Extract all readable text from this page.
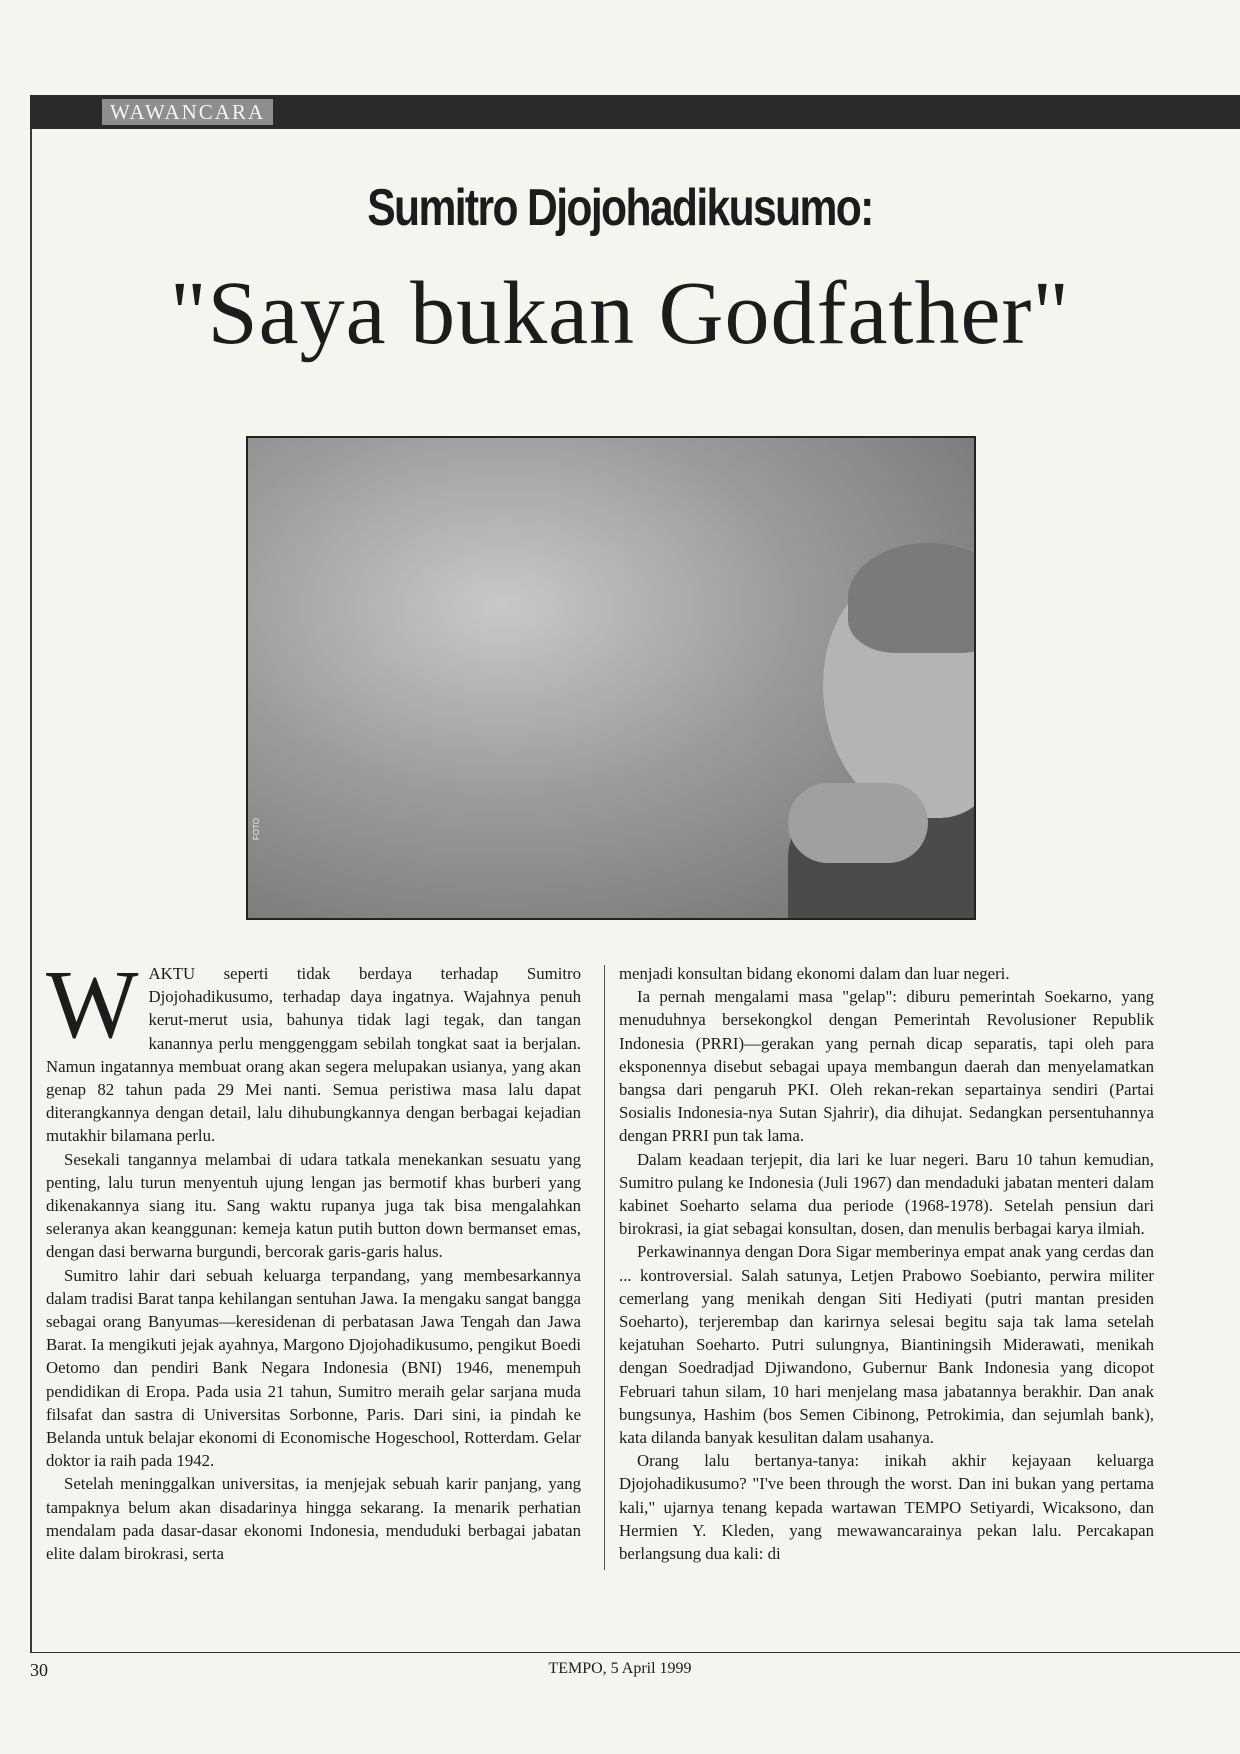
WAWANCARA
Sumitro Djojohadikusumo:
"Saya bukan Godfather"
FOTO

WAKTU seperti tidak berdaya terhadap Sumitro Djojohadikusumo, terhadap daya ingatnya. Wajahnya penuh kerut-merut usia, bahunya tidak lagi tegak, dan tangan kanannya perlu menggenggam sebilah tongkat saat ia berjalan. Namun ingatannya membuat orang akan segera melupakan usianya, yang akan genap 82 tahun pada 29 Mei nanti. Semua peristiwa masa lalu dapat diterangkannya dengan detail, lalu dihubungkannya dengan berbagai kejadian mutakhir bilamana perlu.

Sesekali tangannya melambai di udara tatkala menekankan sesuatu yang penting, lalu turun menyentuh ujung lengan jas bermotif khas burberi yang dikenakannya siang itu. Sang waktu rupanya juga tak bisa mengalahkan seleranya akan keanggunan: kemeja katun putih button down bermanset emas, dengan dasi berwarna burgundi, bercorak garis-garis halus.

Sumitro lahir dari sebuah keluarga terpandang, yang membesarkannya dalam tradisi Barat tanpa kehilangan sentuhan Jawa. Ia mengaku sangat bangga sebagai orang Banyumas—keresidenan di perbatasan Jawa Tengah dan Jawa Barat. Ia mengikuti jejak ayahnya, Margono Djojohadikusumo, pengikut Boedi Oetomo dan pendiri Bank Negara Indonesia (BNI) 1946, menempuh pendidikan di Eropa. Pada usia 21 tahun, Sumitro meraih gelar sarjana muda filsafat dan sastra di Universitas Sorbonne, Paris. Dari sini, ia pindah ke Belanda untuk belajar ekonomi di Economische Hogeschool, Rotterdam. Gelar doktor ia raih pada 1942.

Setelah meninggalkan universitas, ia menjejak sebuah karir panjang, yang tampaknya belum akan disadarinya hingga sekarang. Ia menarik perhatian mendalam pada dasar-dasar ekonomi Indonesia, menduduki berbagai jabatan elite dalam birokrasi, serta

menjadi konsultan bidang ekonomi dalam dan luar negeri.

Ia pernah mengalami masa "gelap": diburu pemerintah Soekarno, yang menuduhnya bersekongkol dengan Pemerintah Revolusioner Republik Indonesia (PRRI)—gerakan yang pernah dicap separatis, tapi oleh para eksponennya disebut sebagai upaya membangun daerah dan menyelamatkan bangsa dari pengaruh PKI. Oleh rekan-rekan separtainya sendiri (Partai Sosialis Indonesia-nya Sutan Sjahrir), dia dihujat. Sedangkan persentuhannya dengan PRRI pun tak lama.

Dalam keadaan terjepit, dia lari ke luar negeri. Baru 10 tahun kemudian, Sumitro pulang ke Indonesia (Juli 1967) dan mendaduki jabatan menteri dalam kabinet Soeharto selama dua periode (1968-1978). Setelah pensiun dari birokrasi, ia giat sebagai konsultan, dosen, dan menulis berbagai karya ilmiah.

Perkawinannya dengan Dora Sigar memberinya empat anak yang cerdas dan ... kontroversial. Salah satunya, Letjen Prabowo Soebianto, perwira militer cemerlang yang menikah dengan Siti Hediyati (putri mantan presiden Soeharto), terjerembap dan karirnya selesai begitu saja tak lama setelah kejatuhan Soeharto. Putri sulungnya, Biantiningsih Miderawati, menikah dengan Soedradjad Djiwandono, Gubernur Bank Indonesia yang dicopot Februari tahun silam, 10 hari menjelang masa jabatannya berakhir. Dan anak bungsunya, Hashim (bos Semen Cibinong, Petrokimia, dan sejumlah bank), kata dilanda banyak kesulitan dalam usahanya.

Orang lalu bertanya-tanya: inikah akhir kejayaan keluarga Djojohadikusumo? "I've been through the worst. Dan ini bukan yang pertama kali," ujarnya tenang kepada wartawan TEMPO Setiyardi, Wicaksono, dan Hermien Y. Kleden, yang mewawancarainya pekan lalu. Percakapan berlangsung dua kali: di

30	TEMPO, 5 April 1999
